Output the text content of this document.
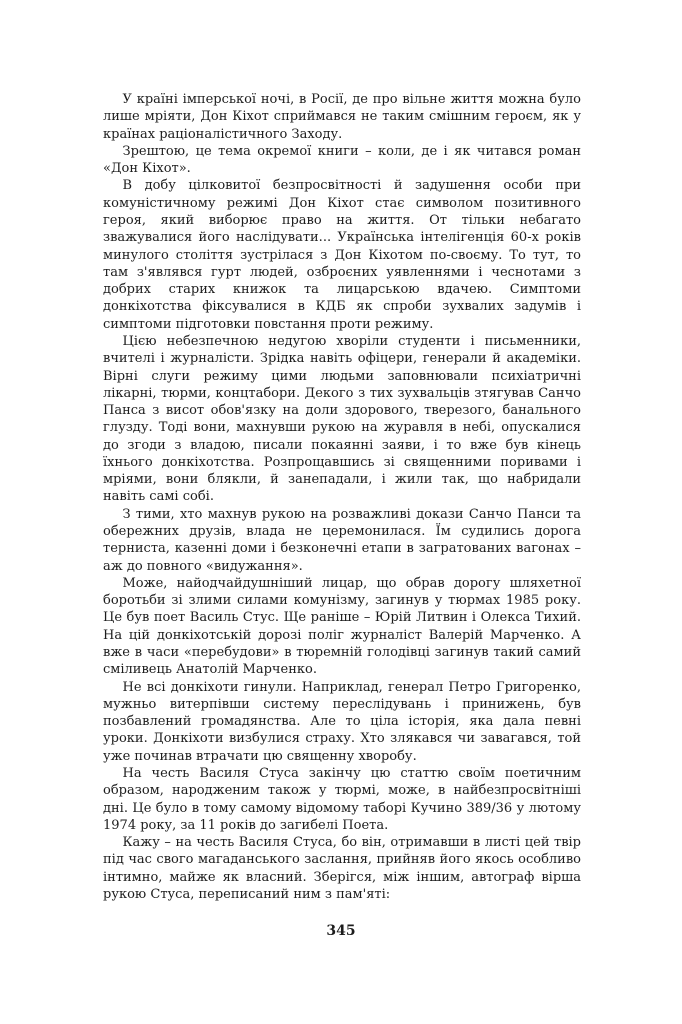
  У країні імперської ночі, в Росії, де про вільне життя можна було лише мріяти, Дон Кіхот сприймався не таким смішним героєм, як у країнах раціоналістичного Заходу.

  Зрештою, це тема окремої книги – коли, де і як читався роман «Дон Кіхот».

  В добу цілковитої безпросвітності й задушення особи при комуністичному режимі Дон Кіхот стає символом позитивного героя, який виборює право на життя. От тільки небагато зважувалися його наслідувати... Українська інтелігенція 60-х років минулого століття зустрілася з Дон Кіхотом по-своєму. То тут, то там з'являвся гурт людей, озброєних уявленнями і чеснотами з добрих старих книжок та лицарською вдачею. Симптоми донкіхотства фіксувалися в КДБ як спроби зухвалих задумів і симптоми підготовки повстання проти режиму.

  Цією небезпечною недугою хворіли студенти і письменники, вчителі і журналісти. Зрідка навіть офіцери, генерали й академіки. Вірні слуги режиму цими людьми заповнювали психіатричні лікарні, тюрми, концтабори. Декого з тих зухвальців зтягував Санчо Панса з висот обов'язку на доли здорового, тверезого, банального глузду. Тоді вони, махнувши рукою на журавля в небі, опускалися до згоди з владою, писали покаянні заяви, і то вже був кінець їхнього донкіхотства. Розпрощавшись зі священними поривами і мріями, вони блякли, й занепадали, і жили так, що набридали навіть самі собі.

  З тими, хто махнув рукою на розважливі докази Санчо Панси та обережних друзів, влада не церемонилася. Їм судились дорога терниста, казенні доми і безконечні етапи в загратованих вагонах – аж до повного «видужання».

  Може, найодчайдушніший лицар, що обрав дорогу шляхетної боротьби зі злими силами комунізму, загинув у тюрмах 1985 року. Це був поет Василь Стус. Ще раніше – Юрій Литвин і Олекса Тихий. На цій донкіхотській дорозі поліг журналіст Валерій Марченко. А вже в часи «перебудови» в тюремній голодівці загинув такий самий сміливець Анатолій Марченко.

  Не всі донкіхоти гинули. Наприклад, генерал Петро Григоренко, мужньо витерпівши систему переслідувань і принижень, був позбавлений громадянства. Але то ціла історія, яка дала певні уроки. Донкіхоти визбулися страху. Хто злякався чи завагався, той уже починав втрачати цю священну хворобу.

  На честь Василя Стуса закінчу цю статтю своїм поетичним образом, народженим також у тюрмі, може, в найбезпросвітніші дні. Це було в тому самому відомому таборі Кучино 389/36 у лютому 1974 року, за 11 років до загибелі Поета.

  Кажу – на честь Василя Стуса, бо він, отримавши в листі цей твір під час свого магаданського заслання, прийняв його якось особливо інтимно, майже як власний. Зберігся, між іншим, автограф вірша рукою Стуса, переписаний ним з пам'яті:

345
